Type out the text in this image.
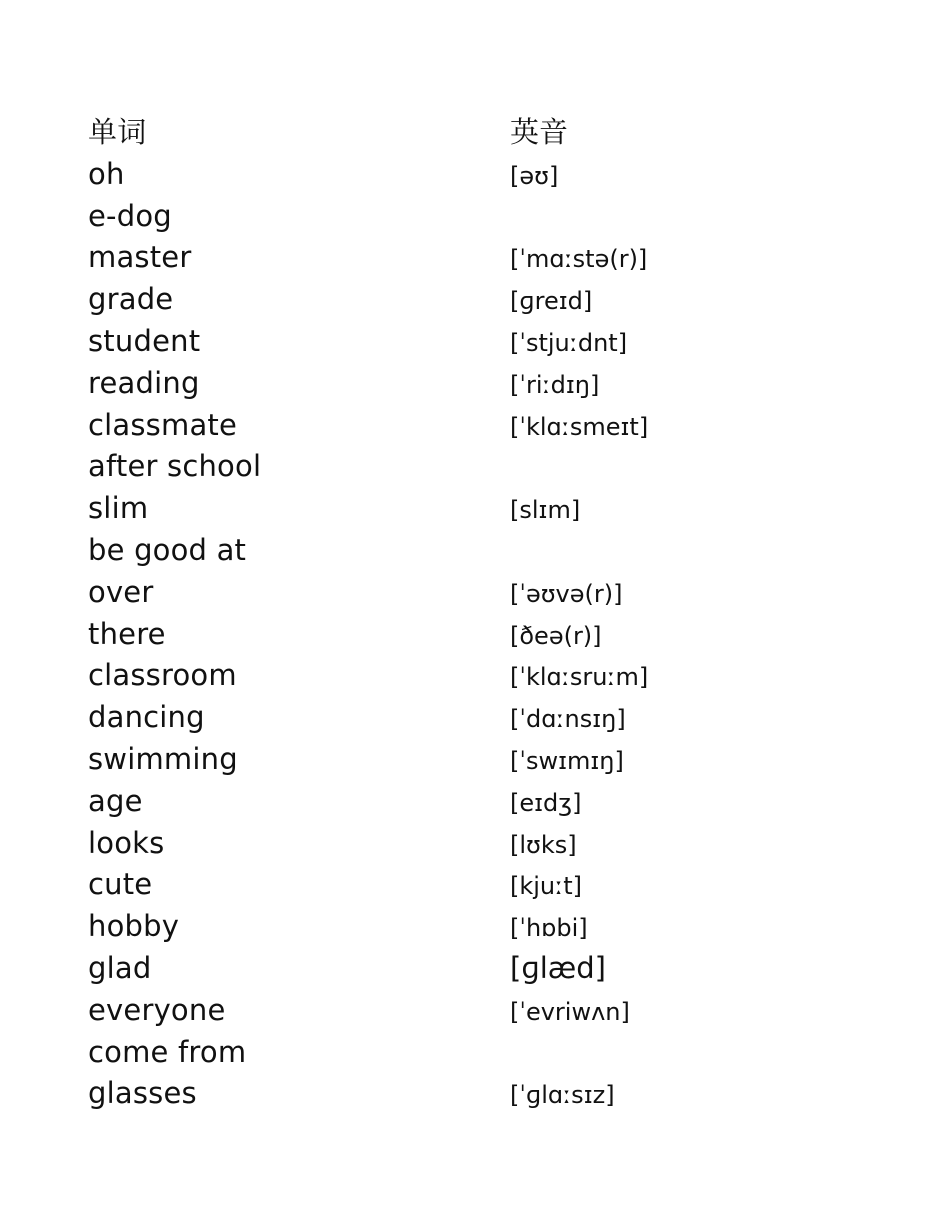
单词	英音
oh	[əʊ]
e-dog
master	[ˈmɑːstə(r)]
grade	[ɡreɪd]
student	[ˈstjuːdnt]
reading	[ˈriːdɪŋ]
classmate	[ˈklɑːsmeɪt]
after school
slim	[slɪm]
be good at
over	[ˈəʊvə(r)]
there	[ðeə(r)]
classroom	[ˈklɑːsruːm]
dancing	[ˈdɑːnsɪŋ]
swimming	[ˈswɪmɪŋ]
age	[eɪdʒ]
looks	[lʊks]
cute	[kjuːt]
hobby	[ˈhɒbi]
glad	[ɡlæd]
everyone	[ˈevriwʌn]
come from
glasses	[ˈɡlɑːsɪz]
